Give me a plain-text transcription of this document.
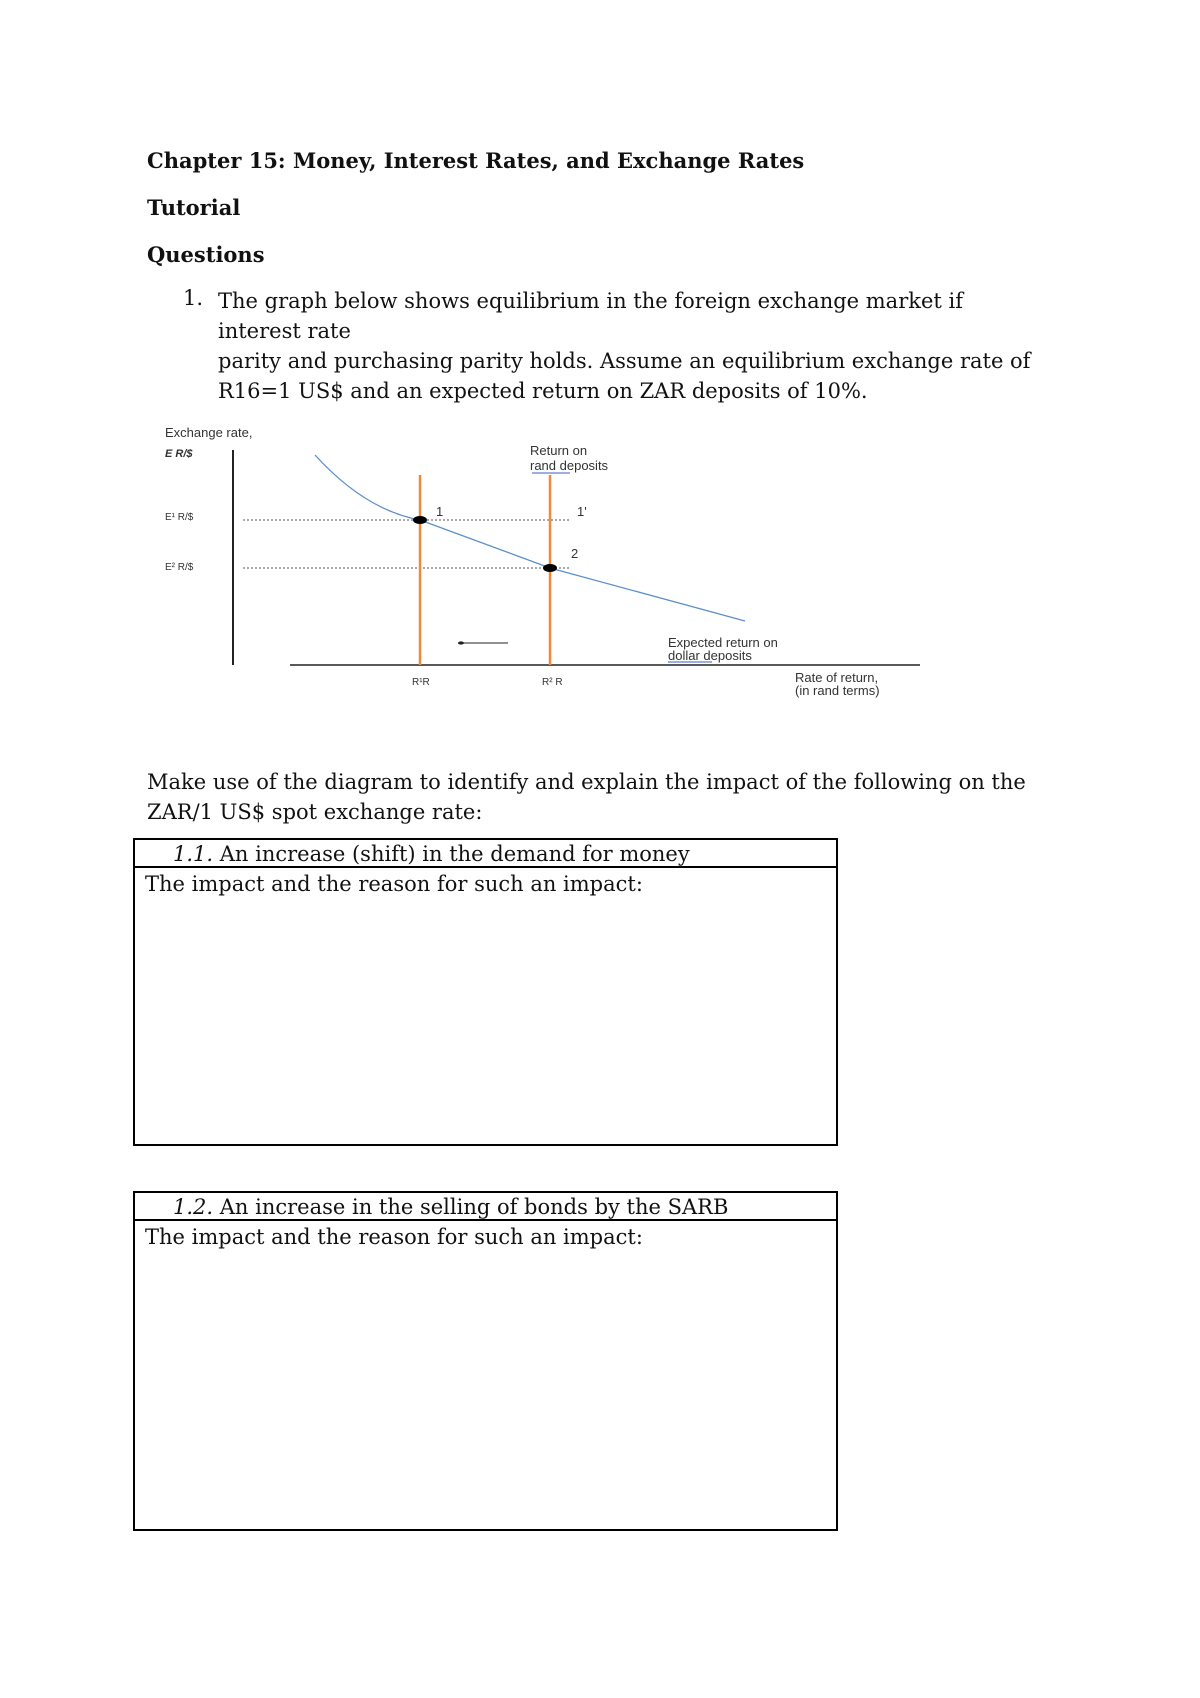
Chapter 15: Money, Interest Rates, and Exchange Rates
Tutorial
Questions
1. The graph below shows equilibrium in the foreign exchange market if interest rate
parity and purchasing parity holds. Assume an equilibrium exchange rate of
R16=1 US$ and an expected return on ZAR deposits of 10%.
Exchange rate,
E R/$
E¹ R/$
E² R/$
Return on
rand deposits
1	1'
2
Expected return on
dollar deposits
R¹R	R² R	Rate of return,
(in rand terms)
Make use of the diagram to identify and explain the impact of the following on the
ZAR/1 US$ spot exchange rate:
1.1. An increase (shift) in the demand for money
The impact and the reason for such an impact:
1.2. An increase in the selling of bonds by the SARB
The impact and the reason for such an impact:
